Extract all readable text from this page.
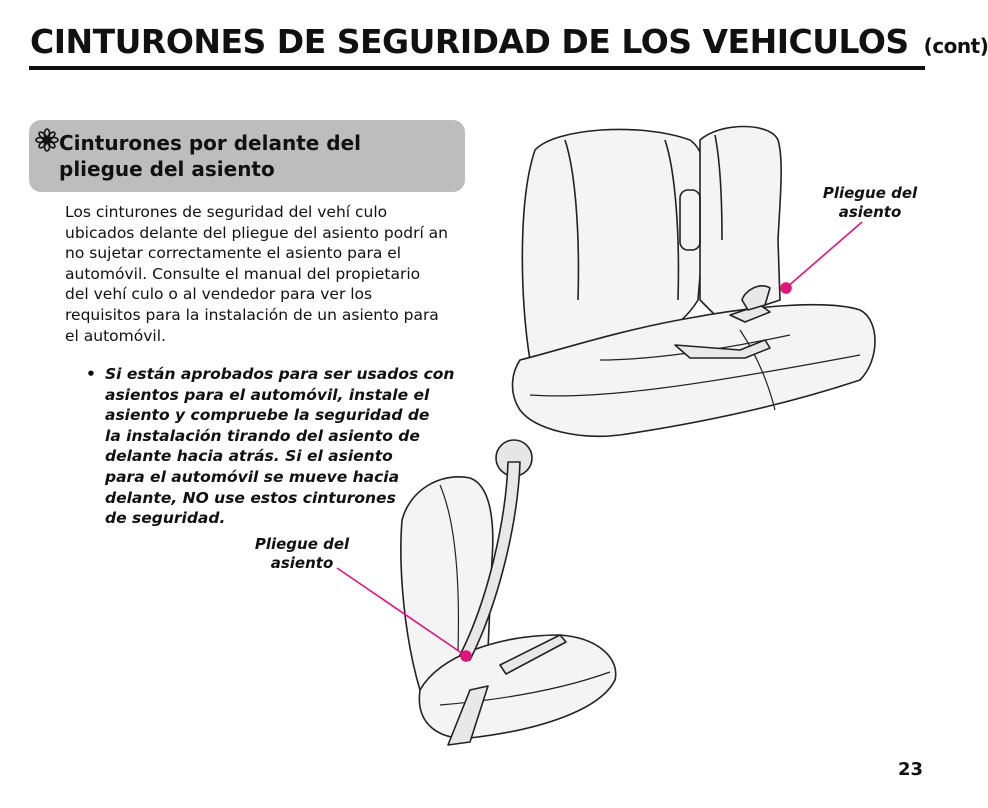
CINTURONES DE SEGURIDAD DE LOS VEHICULOS (cont)
Cinturones por delante del
pliegue del asiento

Los cinturones de seguridad del vehí culo
ubicados delante del pliegue del asiento podrí an
no sujetar correctamente el asiento para el
automóvil. Consulte el manual del propietario
del vehí culo o al vendedor para ver los
requisitos para la instalación de un asiento para
el automóvil.

• Si están aprobados para ser usados con
asientos para el automóvil, instale el
asiento y compruebe la seguridad de
la instalación tirando del asiento de
delante hacia atrás. Si el asiento
para el automóvil se mueve hacia
delante, NO use estos cinturones
de seguridad.
Pliegue del
asiento
Pliegue del
asiento
23
